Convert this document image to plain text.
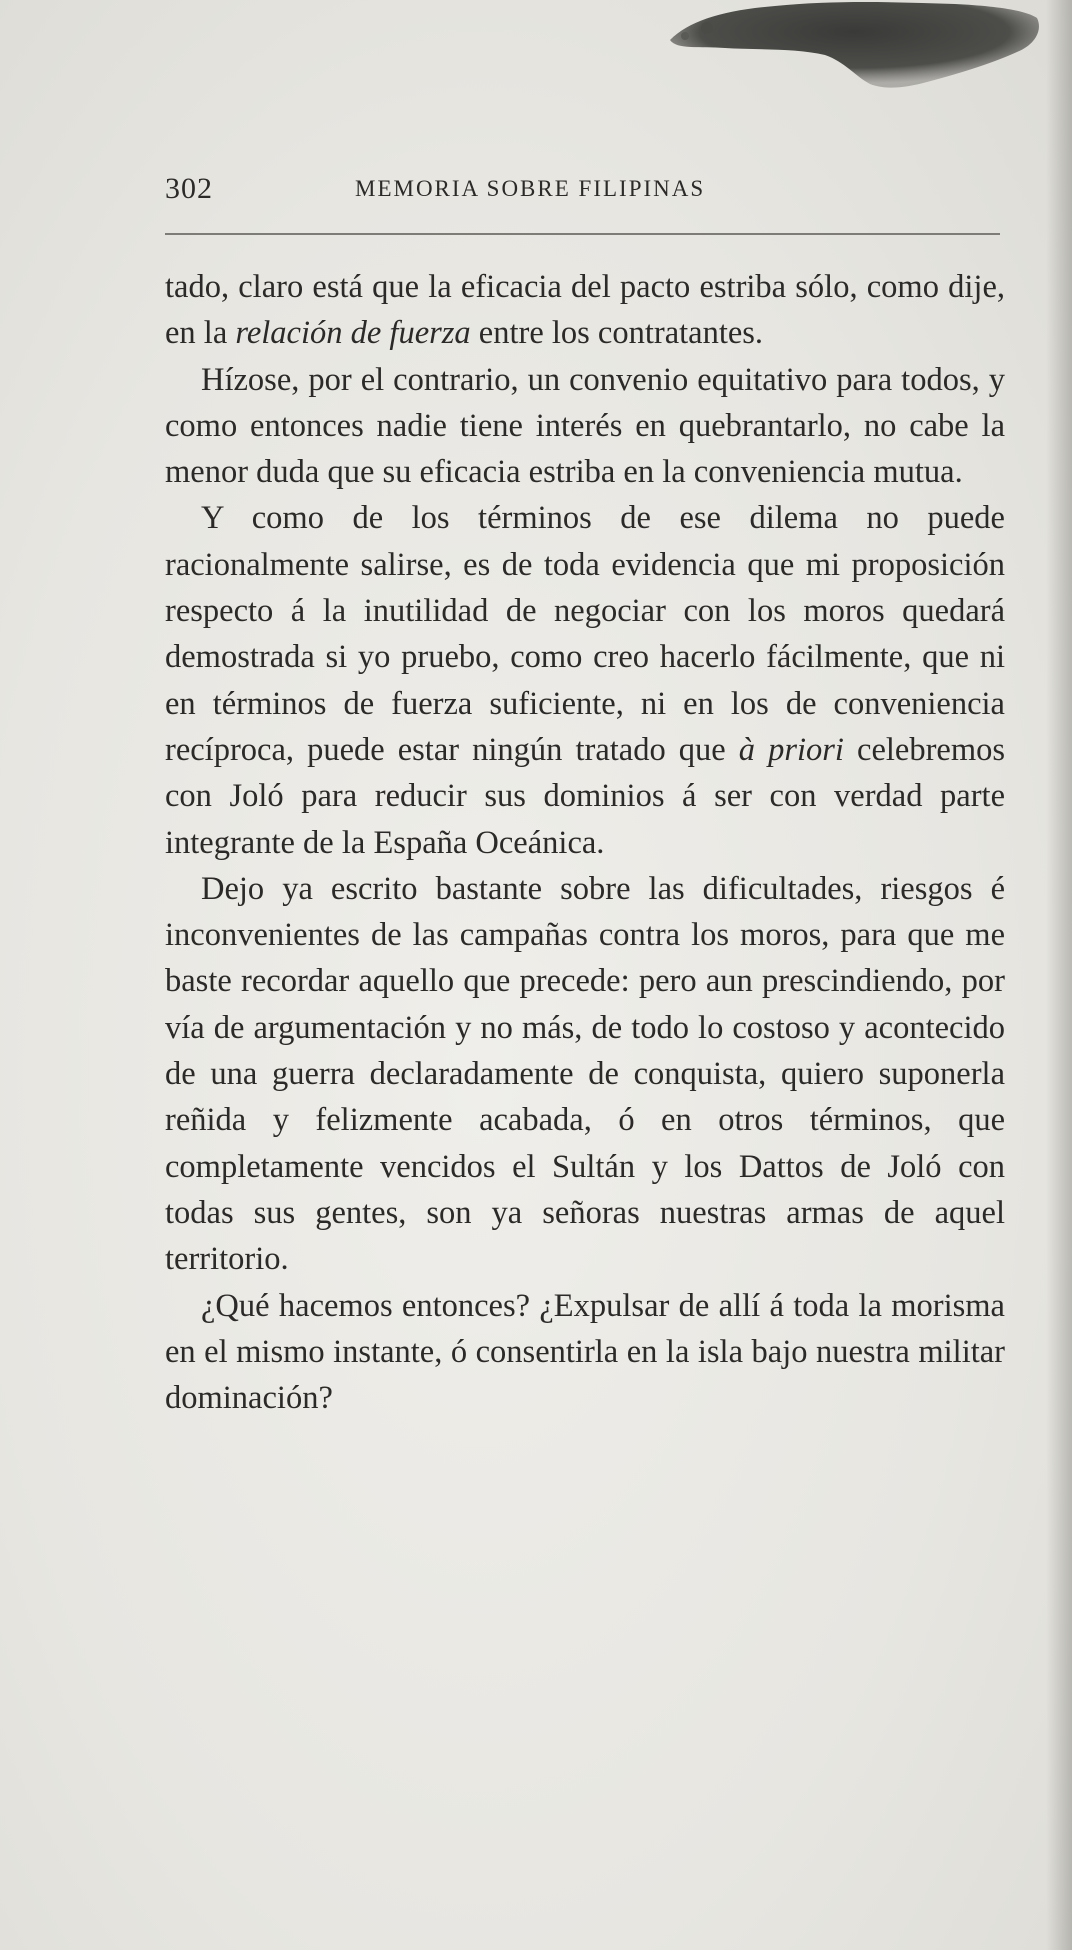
302	MEMORIA SOBRE FILIPINAS

tado, claro está que la eficacia del pacto estriba sólo, como dije, en la relación de fuerza entre los contratantes.

Hízose, por el contrario, un convenio equitativo para todos, y como entonces nadie tiene interés en quebrantarlo, no cabe la menor duda que su eficacia estriba en la conveniencia mutua.

Y como de los términos de ese dilema no puede racionalmente salirse, es de toda evidencia que mi proposición respecto á la inutilidad de negociar con los moros quedará demostrada si yo pruebo, como creo hacerlo fácilmente, que ni en términos de fuerza suficiente, ni en los de conveniencia recíproca, puede estar ningún tratado que à priori celebremos con Joló para reducir sus dominios á ser con verdad parte integrante de la España Oceánica.

Dejo ya escrito bastante sobre las dificultades, riesgos é inconvenientes de las campañas contra los moros, para que me baste recordar aquello que precede: pero aun prescindiendo, por vía de argumentación y no más, de todo lo costoso y acontecido de una guerra declaradamente de conquista, quiero suponerla reñida y felizmente acabada, ó en otros términos, que completamente vencidos el Sultán y los Dattos de Joló con todas sus gentes, son ya señoras nuestras armas de aquel territorio.

¿Qué hacemos entonces? ¿Expulsar de allí á toda la morisma en el mismo instante, ó consentirla en la isla bajo nuestra militar dominación?
